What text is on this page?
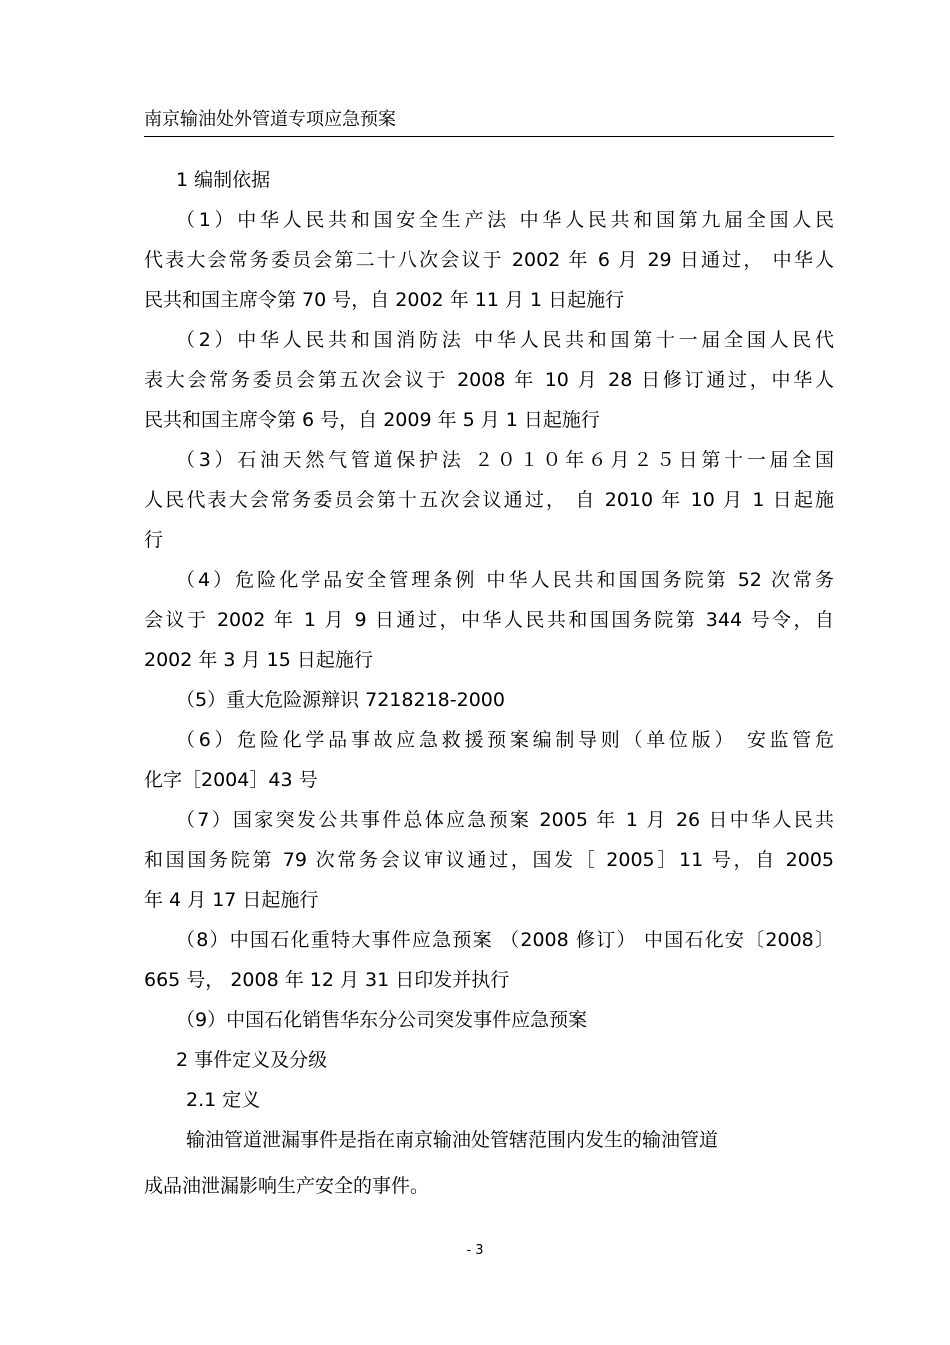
南京输油处外管道专项应急预案
1 编制依据
（1）中华人民共和国安全生产法 中华人民共和国第九届全国人民
代表大会常务委员会第二十八次会议于 2002 年 6 月 29 日通过， 中华人
民共和国主席令第 70 号，自 2002 年 11 月 1 日起施行
（2）中华人民共和国消防法 中华人民共和国第十一届全国人民代
表大会常务委员会第五次会议于 2008 年 10 月 28 日修订通过，中华人
民共和国主席令第 6 号，自 2009 年 5 月 1 日起施行
（3）石油天然气管道保护法 ２０１０年６月２５日第十一届全国
人民代表大会常务委员会第十五次会议通过， 自 2010 年 10 月 1 日起施
行
（4）危险化学品安全管理条例 中华人民共和国国务院第 52 次常务
会议于 2002 年 1 月 9 日通过，中华人民共和国国务院第 344 号令，自
2002 年 3 月 15 日起施行
（5）重大危险源辩识 7218218-2000
（6）危险化学品事故应急救援预案编制导则（单位版） 安监管危
化字［2004］43 号
（7）国家突发公共事件总体应急预案 2005 年 1 月 26 日中华人民共
和国国务院第 79 次常务会议审议通过，国发［ 2005］11 号，自 2005
年 4 月 17 日起施行
（8）中国石化重特大事件应急预案 （2008 修订） 中国石化安〔2008〕
665 号， 2008 年 12 月 31 日印发并执行
（9）中国石化销售华东分公司突发事件应急预案
2 事件定义及分级
2.1 定义
输油管道泄漏事件是指在南京输油处管辖范围内发生的输油管道
成品油泄漏影响生产安全的事件。
- 3
